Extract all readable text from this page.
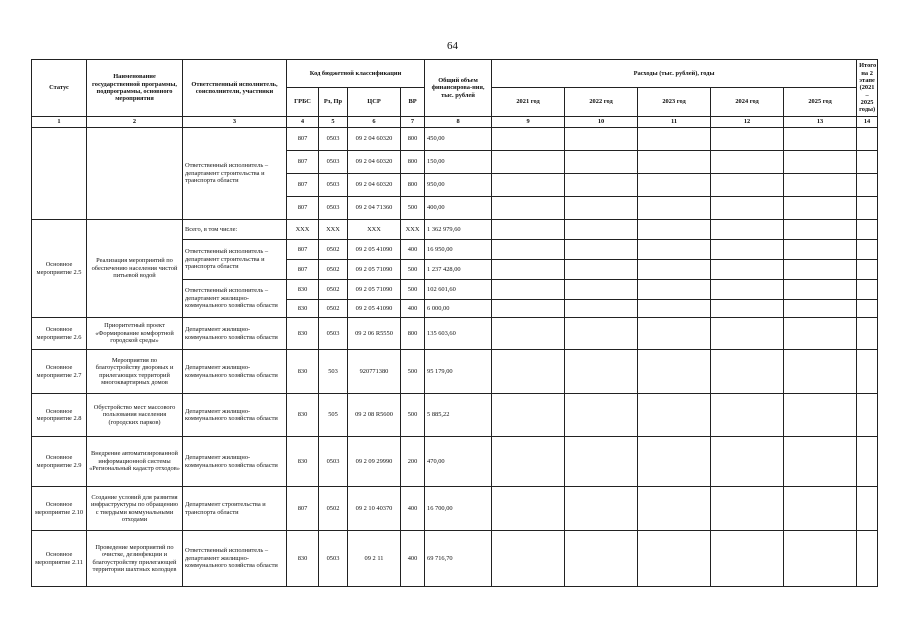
64
Статус	Наименование государственной программы, подпрограммы, основного мероприятия	Ответственный исполнитель, соисполнители, участники	Код бюджетной классификации				Общий объем финансирова-ния, тыс. рублей	Расходы (тыс. рублей), годы					Итого на 2 этапе (2021 – 2025 годы)
			ГРБС	Рз, Пр	ЦСР	ВР		2021 год	2022 год	2023 год	2024 год	2025 год	
1	2	3	4	5	6	7	8	9	10	11	12	13	14
		Ответственный исполнитель – департамент строительства и транспорта области	807	0503	09 2 04 60320	800	450,00						
			807	0503	09 2 04 60320	800	150,00						
			807	0503	09 2 04 60320	800	950,00						
			807	0503	09 2 04 71360	500	400,00						
Основное мероприятие 2.5	Реализация мероприятий по обеспечению населения чистой питьевой водой	Всего, в том числе:	XXX	XXX	XXX	XXX	1 362 979,60						
		Ответственный исполнитель – департамент строительства и транспорта области	807	0502	09 2 05 41090	400	16 950,00						
			807	0502	09 2 05 71090	500	1 237 428,00						
		Ответственный исполнитель – департамент жилищно-коммунального хозяйства области	830	0502	09 2 05 71090	500	102 601,60						
			830	0502	09 2 05 41090	400	6 000,00						
Основное мероприятие 2.6	Приоритетный проект «Формирование комфортной городской среды»	Департамент жилищно-коммунального хозяйства области	830	0503	09 2 06 R5550	800	135 603,60						
Основное мероприятие 2.7	Мероприятия по благоустройству дворовых и прилегающих территорий многоквартирных домов	Департамент жилищно-коммунального хозяйства области	830	503	920771380	500	95 179,00						
Основное мероприятие 2.8	Обустройство мест массового пользования населения (городских парков)	Департамент жилищно-коммунального хозяйства области	830	505	09 2 08 R5600	500	5 885,22						
Основное мероприятие 2.9	Внедрение автоматизированной информационной системы «Региональный кадастр отходов»	Департамент жилищно-коммунального хозяйства области	830	0503	09 2 09 29990	200	470,00						
Основное мероприятие 2.10	Создание условий для развития инфраструктуры по обращению с твердыми коммунальными отходами	Департамент строительства и транспорта области	807	0502	09 2 10 40370	400	16 700,00						
Основное мероприятие 2.11	Проведение мероприятий по очистке, дезинфекции и благоустройству прилегающей территории шахтных колодцев	Ответственный исполнитель – департамент жилищно-коммунального хозяйства области	830	0503	09 2 11	400	69 716,70						
